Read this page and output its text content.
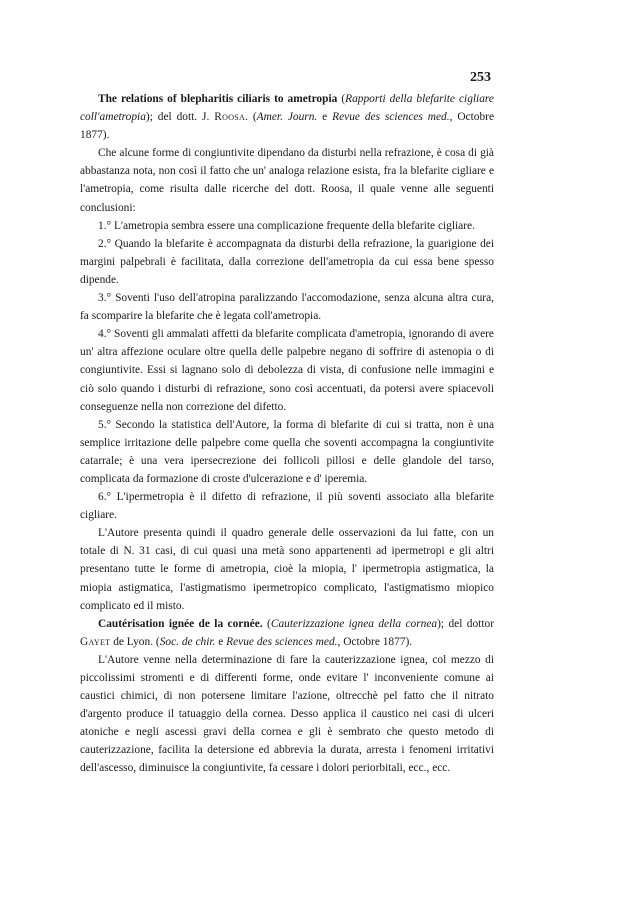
253

The relations of blepharitis ciliaris to ametropia (Rapporti della blefarite cigliare coll'ametropia); del dott. J. Roosa. (Amer. Journ. e Revue des sciences med., Octobre 1877).

Che alcune forme di congiuntivite dipendano da disturbi nella refrazione, è cosa di già abbastanza nota, non così il fatto che un' analoga relazione esista, fra la blefarite cigliare e l'ametropia, come risulta dalle ricerche del dott. Roosa, il quale venne alle seguenti conclusioni:

1.° L'ametropia sembra essere una complicazione frequente della blefarite cigliare.

2.° Quando la blefarite è accompagnata da disturbi della refrazione, la guarigione dei margini palpebrali è facilitata, dalla correzione dell'ametropia da cui essa bene spesso dipende.

3.° Soventi l'uso dell'atropina paralizzando l'accomodazione, senza alcuna altra cura, fa scomparire la blefarite che è legata coll'ametropia.

4.° Soventi gli ammalati affetti da blefarite complicata d'ametropia, ignorando di avere un' altra affezione oculare oltre quella delle palpebre negano di soffrire di astenopia o di congiuntivite. Essi si lagnano solo di debolezza di vista, di confusione nelle immagini e ciò solo quando i disturbi di refrazione, sono così accentuati, da potersi avere spiacevoli conseguenze nella non correzione del difetto.

5.° Secondo la statistica dell'Autore, la forma di blefarite di cui si tratta, non è una semplice irritazione delle palpebre come quella che soventi accompagna la congiuntivite catarrale; è una vera ipersecrezione dei follicoli pillosi e delle glandole del tarso, complicata da formazione di croste d'ulcerazione e d' iperemia.

6.° L'ipermetropia è il difetto di refrazione, il più soventi associato alla blefarite cigliare.

L'Autore presenta quindi il quadro generale delle osservazioni da lui fatte, con un totale di N. 31 casi, di cui quasi una metà sono appartenenti ad ipermetropi e gli altri presentano tutte le forme di ametropia, cioè la miopia, l' ipermetropia astigmatica, la miopia astigmatica, l'astigmatismo ipermetropico complicato, l'astigmatismo miopico complicato ed il misto.

Cautérisation ignée de la cornée. (Cauterizzazione ignea della cornea); del dottor Gayet de Lyon. (Soc. de chir. e Revue des sciences med., Octobre 1877).

L'Autore venne nella determinazione di fare la cauterizzazione ignea, col mezzo di piccolissimi stromenti e di differenti forme, onde evitare l' inconveniente comune ai caustici chimici, di non potersene limitare l'azione, oltrecchè pel fatto che il nitrato d'argento produce il tatuaggio della cornea. Desso applica il caustico nei casi di ulceri atoniche e negli ascessi gravi della cornea e gli è sembrato che questo metodo di cauterizzazione, facilita la detersione ed abbrevia la durata, arresta i fenomeni irritativi dell'ascesso, diminuisce la congiuntivite, fa cessare i dolori periorbitali, ecc., ecc.
